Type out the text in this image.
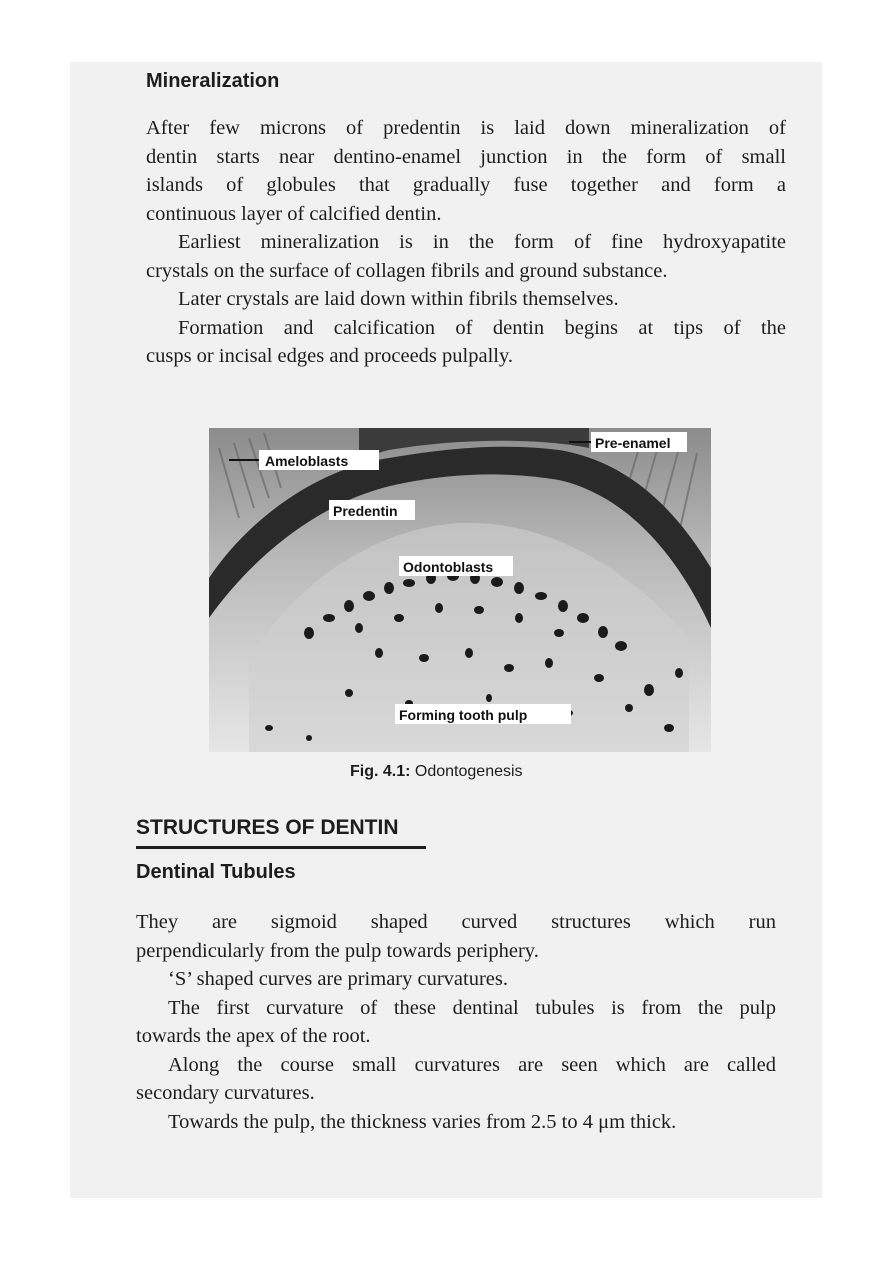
Mineralization
After few microns of predentin is laid down mineralization of
dentin starts near dentino-enamel junction in the form of small
islands of globules that gradually fuse together and form a
continuous layer of calcified dentin.
Earliest mineralization is in the form of fine hydroxyapatite
crystals on the surface of collagen fibrils and ground substance.
Later crystals are laid down within fibrils themselves.
Formation and calcification of dentin begins at tips of the
cusps or incisal edges and proceeds pulpally.
Ameloblasts
Pre-enamel
Predentin
Odontoblasts
Forming tooth pulp
Fig. 4.1: Odontogenesis
STRUCTURES OF DENTIN
Dentinal Tubules
They are sigmoid shaped curved structures which run
perpendicularly from the pulp towards periphery.
‘S’ shaped curves are primary curvatures.
The first curvature of these dentinal tubules is from the pulp
towards the apex of the root.
Along the course small curvatures are seen which are called
secondary curvatures.
Towards the pulp, the thickness varies from 2.5 to 4 μm thick.
